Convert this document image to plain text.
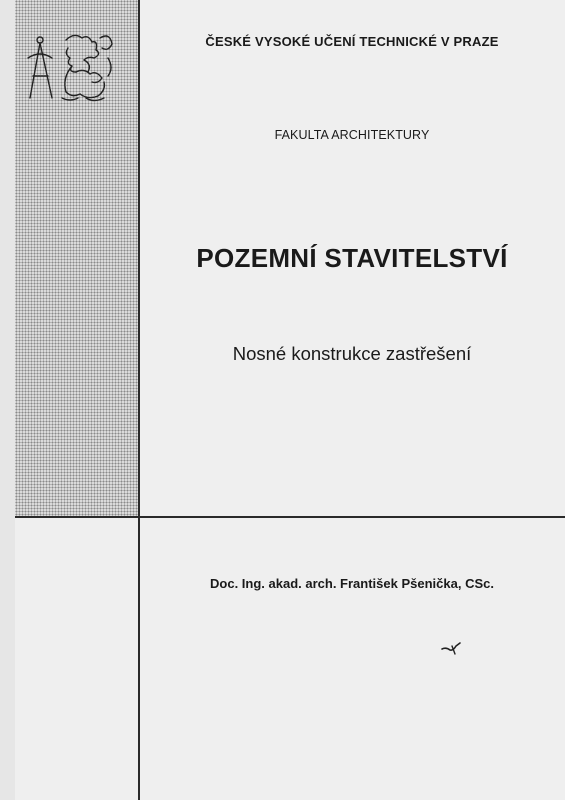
ČESKÉ VYSOKÉ UČENÍ TECHNICKÉ V PRAZE
FAKULTA ARCHITEKTURY
POZEMNÍ STAVITELSTVÍ
Nosné konstrukce zastřešení
Doc. Ing. akad. arch. František Pšenička, CSc.
